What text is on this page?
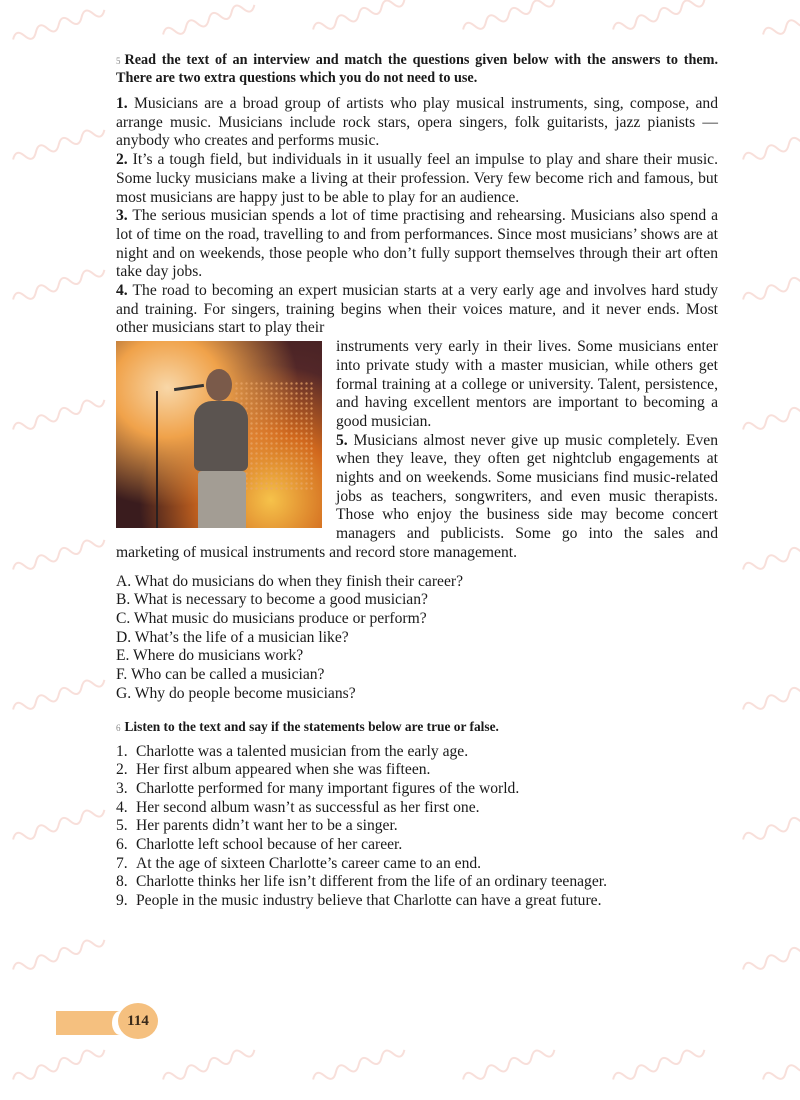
5 Read the text of an interview and match the questions given below with the answers to them. There are two extra questions which you do not need to use.

1. Musicians are a broad group of artists who play musical instruments, sing, compose, and arrange music. Musicians include rock stars, opera singers, folk guitarists, jazz pianists — anybody who creates and performs music.

2. It’s a tough field, but individuals in it usually feel an impulse to play and share their music. Some lucky musicians make a living at their profession. Very few become rich and famous, but most musicians are happy just to be able to play for an audience.

3. The serious musician spends a lot of time practising and rehearsing. Musicians also spend a lot of time on the road, travelling to and from performances. Since most musicians’ shows are at night and on weekends, those people who don’t fully support themselves through their art often take day jobs.

4. The road to becoming an expert musician starts at a very early age and involves hard study and training. For singers, training begins when their voices mature, and it never ends. Most other musicians start to play their

instruments very early in their lives. Some musicians enter into private study with a master musician, while others get formal training at a college or university. Talent, persistence, and having excellent mentors are important to becoming a good musician.

5. Musicians almost never give up music completely. Even when they leave, they often get nightclub engagements at nights and on weekends. Some musicians find music-related jobs as teachers, songwriters, and even music therapists. Those who enjoy the business side may become concert managers and publicists. Some go into the sales and marketing of musical instruments and record store management.

A. What do musicians do when they finish their career?
B. What is necessary to become a good musician?
C. What music do musicians produce or perform?
D. What’s the life of a musician like?
E. Where do musicians work?
F. Who can be called a musician?
G. Why do people become musicians?

6 Listen to the text and say if the statements below are true or false.

1. Charlotte was a talented musician from the early age.
2. Her first album appeared when she was fifteen.
3. Charlotte performed for many important figures of the world.
4. Her second album wasn’t as successful as her first one.
5. Her parents didn’t want her to be a singer.
6. Charlotte left school because of her career.
7. At the age of sixteen Charlotte’s career came to an end.
8. Charlotte thinks her life isn’t different from the life of an ordinary teenager.
9. People in the music industry believe that Charlotte can have a great future.
114
